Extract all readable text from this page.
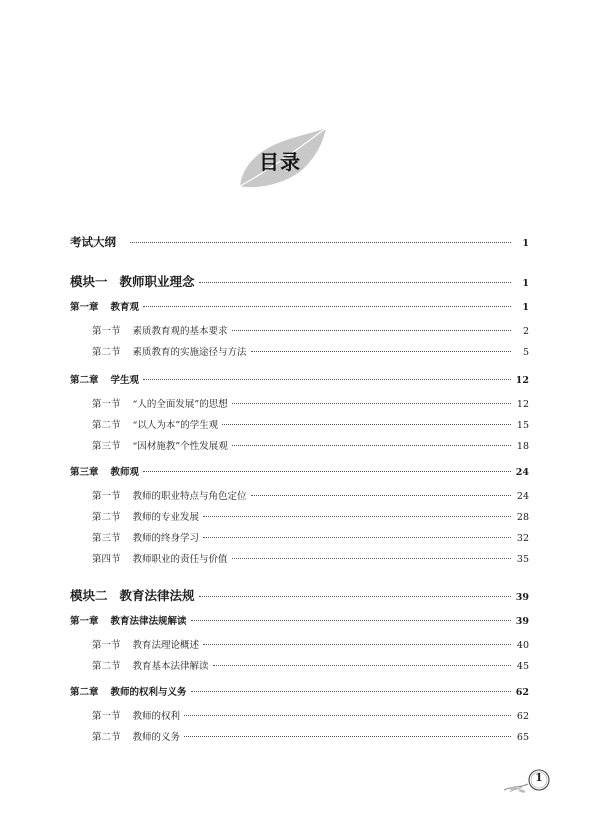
目录
考试大纲	1
模块一 教师职业理念	1
第一章 教育观	1
第一节 素质教育观的基本要求	2
第二节 素质教育的实施途径与方法	5
第二章 学生观	12
第一节 “人的全面发展”的思想	12
第二节 “以人为本”的学生观	15
第三节 “因材施教”个性发展观	18
第三章 教师观	24
第一节 教师的职业特点与角色定位	24
第二节 教师的专业发展	28
第三节 教师的终身学习	32
第四节 教师职业的责任与价值	35
模块二 教育法律法规	39
第一章 教育法律法规解读	39
第一节 教育法理论概述	40
第二节 教育基本法律解读	45
第二章 教师的权利与义务	62
第一节 教师的权利	62
第二节 教师的义务	65
1
